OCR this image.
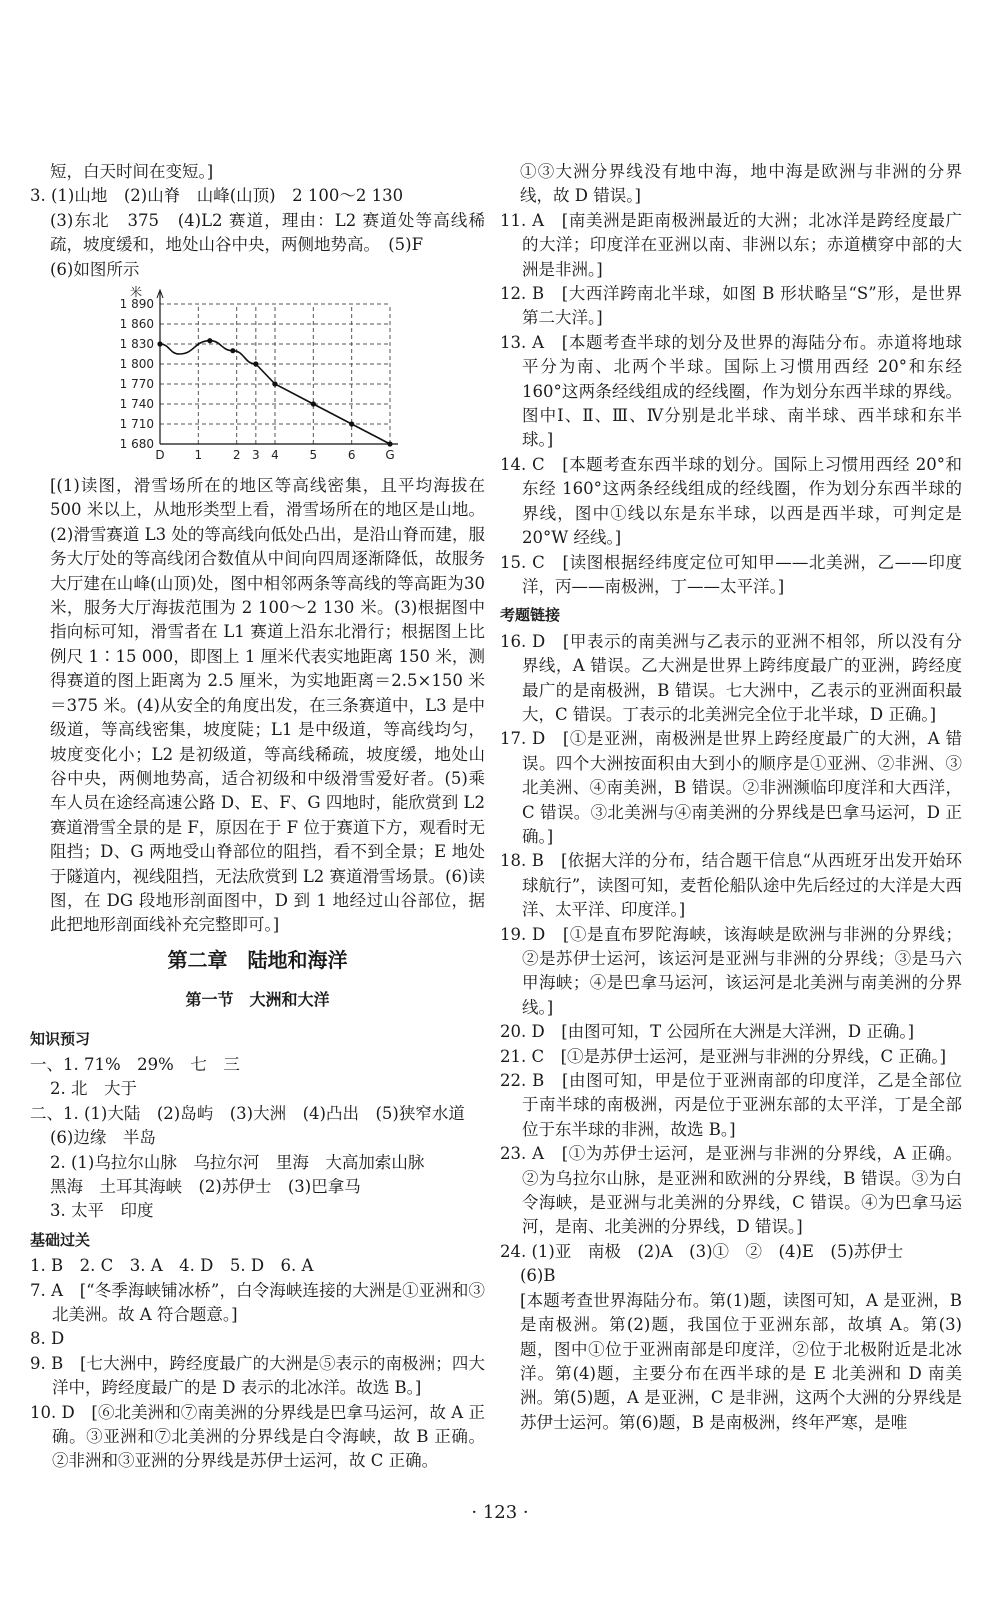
短，白天时间在变短。]

3. (1)山地　(2)山脊　山峰(山顶)　2 100～2 130

(3)东北　375　(4)L2 赛道，理由：L2 赛道处等高线稀疏，坡度缓和，地处山谷中央，两侧地势高。　(5)F

(6)如图所示

1 890
1 860
1 830
1 800
1 770
1 740
1 710
1 680
米
D 1	2 3 4	5	6 G

[(1)读图，滑雪场所在的地区等高线密集，且平均海拔在 500 米以上，从地形类型上看，滑雪场所在的地区是山地。(2)滑雪赛道 L3 处的等高线向低处凸出，是沿山脊而建，服务大厅处的等高线闭合数值从中间向四周逐渐降低，故服务大厅建在山峰(山顶)处，图中相邻两条等高线的等高距为30米，服务大厅海拔范围为 2 100～2 130 米。(3)根据图中指向标可知，滑雪者在 L1 赛道上沿东北滑行；根据图上比例尺 1∶15 000，即图上 1 厘米代表实地距离 150 米，测得赛道的图上距离为 2.5 厘米，为实地距离＝2.5×150 米＝375 米。(4)从安全的角度出发，在三条赛道中，L3 是中级道，等高线密集，坡度陡；L1 是中级道，等高线均匀，坡度变化小；L2 是初级道，等高线稀疏，坡度缓，地处山谷中央，两侧地势高，适合初级和中级滑雪爱好者。(5)乘车人员在途经高速公路 D、E、F、G 四地时，能欣赏到 L2 赛道滑雪全景的是 F，原因在于 F 位于赛道下方，观看时无阻挡；D、G 两地受山脊部位的阻挡，看不到全景；E 地处于隧道内，视线阻挡，无法欣赏到 L2 赛道滑雪场景。(6)读图，在 DG 段地形剖面图中，D 到 1 地经过山谷部位，据此把地形剖面线补充完整即可。]

第二章　陆地和海洋
第一节　大洲和大洋
知识预习

一、1. 71%　29%　七　三

2. 北　大于

二、1. (1)大陆　(2)岛屿　(3)大洲　(4)凸出　(5)狭窄水道

(6)边缘　半岛

2. (1)乌拉尔山脉　乌拉尔河　里海　大高加索山脉

黑海　土耳其海峡　(2)苏伊士　(3)巴拿马

3. 太平　印度

基础过关

1. B　2. C　3. A　4. D　5. D　6. A

7. A　[“冬季海峡铺冰桥”，白令海峡连接的大洲是①亚洲和③北美洲。故 A 符合题意。]

8. D

9. B　[七大洲中，跨经度最广的大洲是⑤表示的南极洲；四大洋中，跨经度最广的是 D 表示的北冰洋。故选 B。]

10. D　[⑥北美洲和⑦南美洲的分界线是巴拿马运河，故 A 正确。③亚洲和⑦北美洲的分界线是白令海峡，故 B 正确。②非洲和③亚洲的分界线是苏伊士运河，故 C 正确。

①③大洲分界线没有地中海，地中海是欧洲与非洲的分界线，故 D 错误。]

11. A　[南美洲是距南极洲最近的大洲；北冰洋是跨经度最广的大洋；印度洋在亚洲以南、非洲以东；赤道横穿中部的大洲是非洲。]

12. B　[大西洋跨南北半球，如图 B 形状略呈“S”形，是世界第二大洋。]

13. A　[本题考查半球的划分及世界的海陆分布。赤道将地球平分为南、北两个半球。国际上习惯用西经 20°和东经 160°这两条经线组成的经线圈，作为划分东西半球的界线。图中Ⅰ、Ⅱ、Ⅲ、Ⅳ分别是北半球、南半球、西半球和东半球。]

14. C　[本题考查东西半球的划分。国际上习惯用西经 20°和东经 160°这两条经线组成的经线圈，作为划分东西半球的界线，图中①线以东是东半球，以西是西半球，可判定是 20°W 经线。]

15. C　[读图根据经纬度定位可知甲——北美洲，乙——印度洋，丙——南极洲，丁——太平洋。]

考题链接

16. D　[甲表示的南美洲与乙表示的亚洲不相邻，所以没有分界线，A 错误。乙大洲是世界上跨纬度最广的亚洲，跨经度最广的是南极洲，B 错误。七大洲中，乙表示的亚洲面积最大，C 错误。丁表示的北美洲完全位于北半球，D 正确。]

17. D　[①是亚洲，南极洲是世界上跨经度最广的大洲，A 错误。四个大洲按面积由大到小的顺序是①亚洲、②非洲、③北美洲、④南美洲，B 错误。②非洲濒临印度洋和大西洋，C 错误。③北美洲与④南美洲的分界线是巴拿马运河，D 正确。]

18. B　[依据大洋的分布，结合题干信息“从西班牙出发开始环球航行”，读图可知，麦哲伦船队途中先后经过的大洋是大西洋、太平洋、印度洋。]

19. D　[①是直布罗陀海峡，该海峡是欧洲与非洲的分界线；②是苏伊士运河，该运河是亚洲与非洲的分界线；③是马六甲海峡；④是巴拿马运河，该运河是北美洲与南美洲的分界线。]

20. D　[由图可知，T 公园所在大洲是大洋洲，D 正确。]

21. C　[①是苏伊士运河，是亚洲与非洲的分界线，C 正确。]

22. B　[由图可知，甲是位于亚洲南部的印度洋，乙是全部位于南半球的南极洲，丙是位于亚洲东部的太平洋，丁是全部位于东半球的非洲，故选 B。]

23. A　[①为苏伊士运河，是亚洲与非洲的分界线，A 正确。②为乌拉尔山脉，是亚洲和欧洲的分界线，B 错误。③为白令海峡，是亚洲与北美洲的分界线，C 错误。④为巴拿马运河，是南、北美洲的分界线，D 错误。]

24. (1)亚　南极　(2)A　(3)①　②　(4)E　(5)苏伊士

(6)B

[本题考查世界海陆分布。第(1)题，读图可知，A 是亚洲，B 是南极洲。第(2)题，我国位于亚洲东部，故填 A。第(3)题，图中①位于亚洲南部是印度洋，②位于北极附近是北冰洋。第(4)题，主要分布在西半球的是 E 北美洲和 D 南美洲。第(5)题，A 是亚洲，C 是非洲，这两个大洲的分界线是苏伊士运河。第(6)题，B 是南极洲，终年严寒，是唯

· 123 ·
